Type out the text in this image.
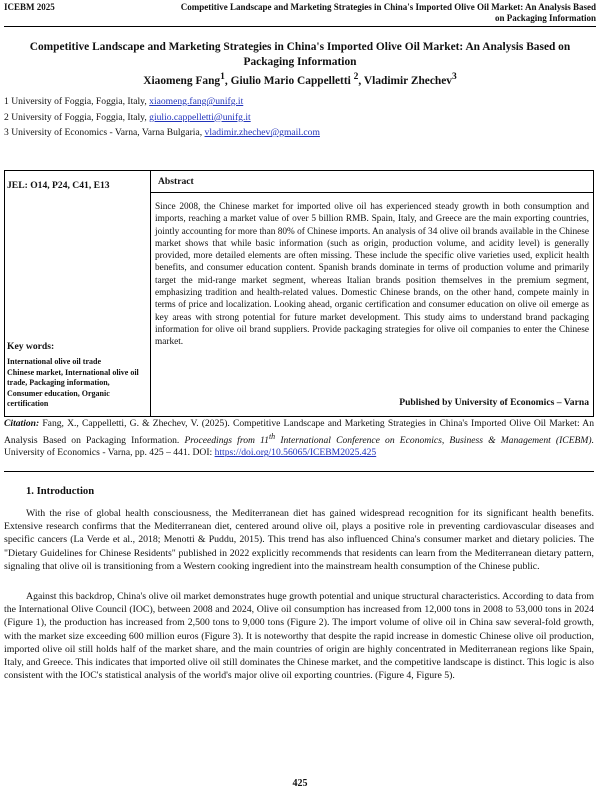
ICEBM 2025	Competitive Landscape and Marketing Strategies in China's Imported Olive Oil Market: An Analysis Based on Packaging Information
Competitive Landscape and Marketing Strategies in China's Imported Olive Oil Market: An Analysis Based on Packaging Information
Xiaomeng Fang$^1$, Giulio Mario Cappelletti $^2$, Vladimir Zhechev$^3$
1 University of Foggia, Foggia, Italy, xiaomeng.fang@unifg.it
2 University of Foggia, Foggia, Italy, giulio.cappelletti@unifg.it
3 University of Economics - Varna, Varna Bulgaria, vladimir.zhechev@gmail.com
JEL: O14, P24, C41, E13	Abstract
Key words:
International olive oil trade
Chinese market, International olive oil trade, Packaging information, Consumer education, Organic certification
Since 2008, the Chinese market for imported olive oil has experienced steady growth in both consumption and imports, reaching a market value of over 5 billion RMB. Spain, Italy, and Greece are the main exporting countries, jointly accounting for more than 80% of Chinese imports. An analysis of 34 olive oil brands available in the Chinese market shows that while basic information (such as origin, production volume, and acidity level) is generally provided, more detailed elements are often missing. These include the specific olive varieties used, explicit health benefits, and consumer education content. Spanish brands dominate in terms of production volume and primarily target the mid-range market segment, whereas Italian brands position themselves in the premium segment, emphasizing tradition and health-related values. Domestic Chinese brands, on the other hand, compete mainly in terms of price and localization. Looking ahead, organic certification and consumer education on olive oil emerge as key areas with strong potential for future market development. This study aims to understand brand packaging information for olive oil brand suppliers. Provide packaging strategies for olive oil companies to enter the Chinese market.
Published by University of Economics – Varna
Citation: Fang, X., Cappelletti, G. & Zhechev, V. (2025). Competitive Landscape and Marketing Strategies in China's Imported Olive Oil Market: An Analysis Based on Packaging Information. Proceedings from 11th International Conference on Economics, Business & Management (ICEBM). University of Economics - Varna, pp. 425 – 441. DOI: https://doi.org/10.56065/ICEBM2025.425
1. Introduction

With the rise of global health consciousness, the Mediterranean diet has gained widespread recognition for its significant health benefits. Extensive research confirms that the Mediterranean diet, centered around olive oil, plays a positive role in preventing cardiovascular diseases and specific cancers (La Verde et al., 2018; Menotti & Puddu, 2015). This trend has also influenced China's consumer market and dietary policies. The "Dietary Guidelines for Chinese Residents" published in 2022 explicitly recommends that residents can learn from the Mediterranean dietary pattern, signaling that olive oil is transitioning from a Western cooking ingredient into the mainstream health consumption of the Chinese public.

Against this backdrop, China's olive oil market demonstrates huge growth potential and unique structural characteristics. According to data from the International Olive Council (IOC), between 2008 and 2024, Olive oil consumption has increased from 12,000 tons in 2008 to 53,000 tons in 2024 (Figure 1), the production has increased from 2,500 tons to 9,000 tons (Figure 2). The import volume of olive oil in China saw several-fold growth, with the market size exceeding 600 million euros (Figure 3). It is noteworthy that despite the rapid increase in domestic Chinese olive oil production, imported olive oil still holds half of the market share, and the main countries of origin are highly concentrated in Mediterranean regions like Spain, Italy, and Greece. This indicates that imported olive oil still dominates the Chinese market, and the competitive landscape is distinct. This logic is also consistent with the IOC's statistical analysis of the world's major olive oil exporting countries. (Figure 4, Figure 5).

425
